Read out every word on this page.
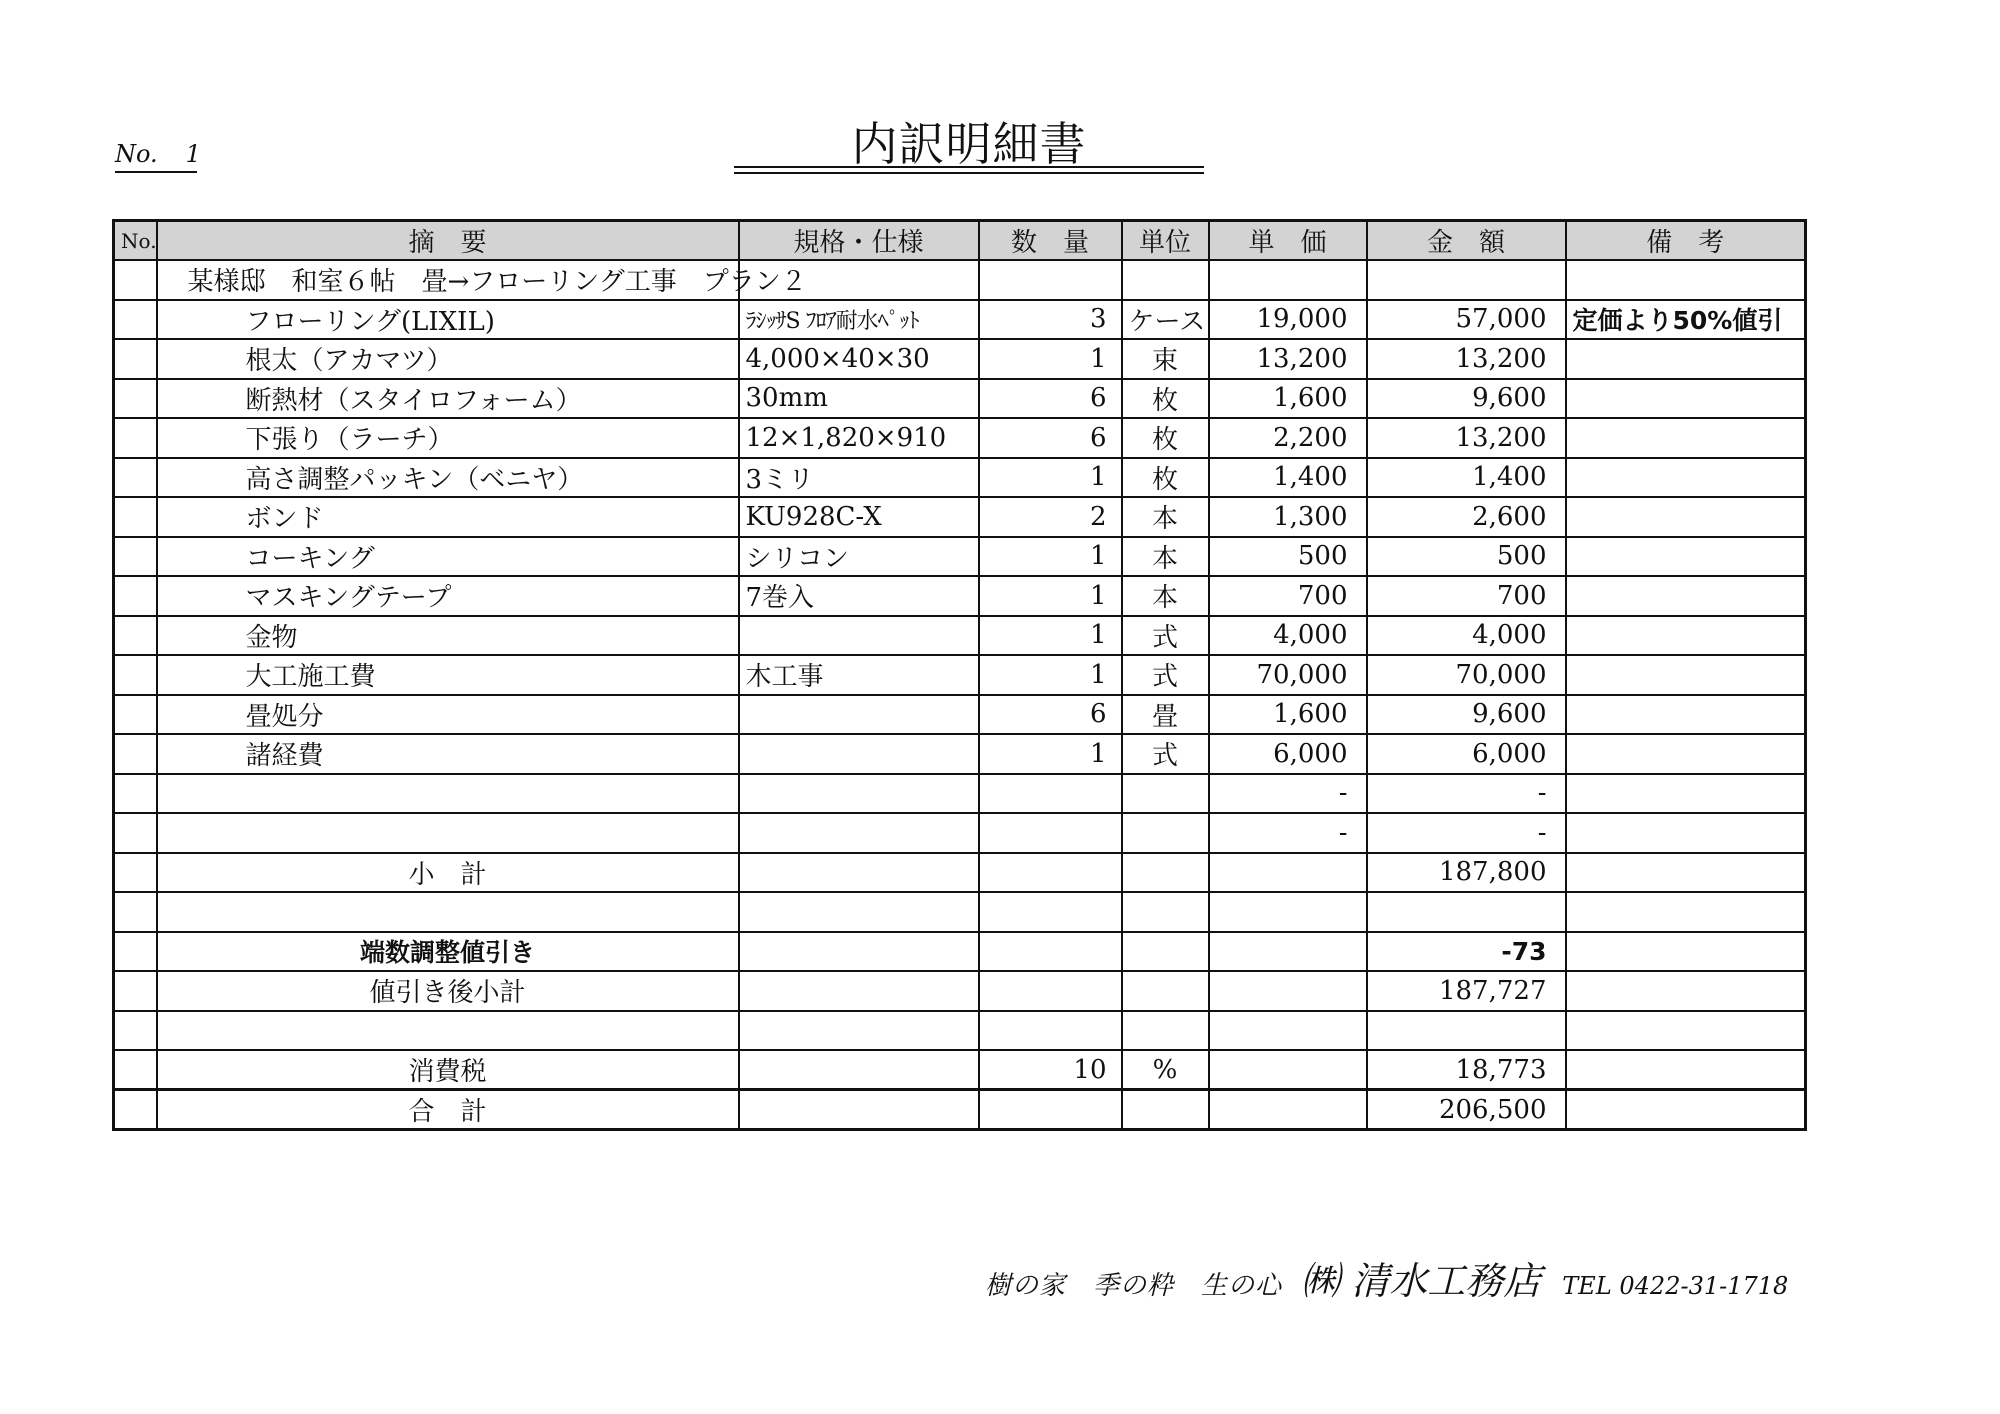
No. 1	内訳明細書
No.	摘　要	規格・仕様	数　量	単位	単　価	金　額	備　考
	某様邸　和室６帖　畳→フローリング工事　プラン２						
	フローリング(LIXIL)	ﾗｼｯｻS ﾌﾛｱ耐水ﾍﾟｯﾄ	3	ケース	19,000	57,000	定価より50%値引
	根太（アカマツ）	4,000×40×30	1	束	13,200	13,200	
	断熱材（スタイロフォーム）	30mm	6	枚	1,600	9,600	
	下張り（ラーチ）	12×1,820×910	6	枚	2,200	13,200	
	高さ調整パッキン（ベニヤ）	3ミリ	1	枚	1,400	1,400	
	ボンド	KU928C-X	2	本	1,300	2,600	
	コーキング	シリコン	1	本	500	500	
	マスキングテープ	7巻入	1	本	700	700	
	金物		1	式	4,000	4,000	
	大工施工費	木工事	1	式	70,000	70,000	
	畳処分		6	畳	1,600	9,600	
	諸経費		1	式	6,000	6,000	
					-	-	
					-	-	
	小　計					187,800	

	端数調整値引き					-73	
	値引き後小計					187,727	

	消費税		10	%		18,773	
	合　計					206,500	
樹の家　季の粋　生の心 ㈱ 清水工務店 TEL 0422-31-1718
